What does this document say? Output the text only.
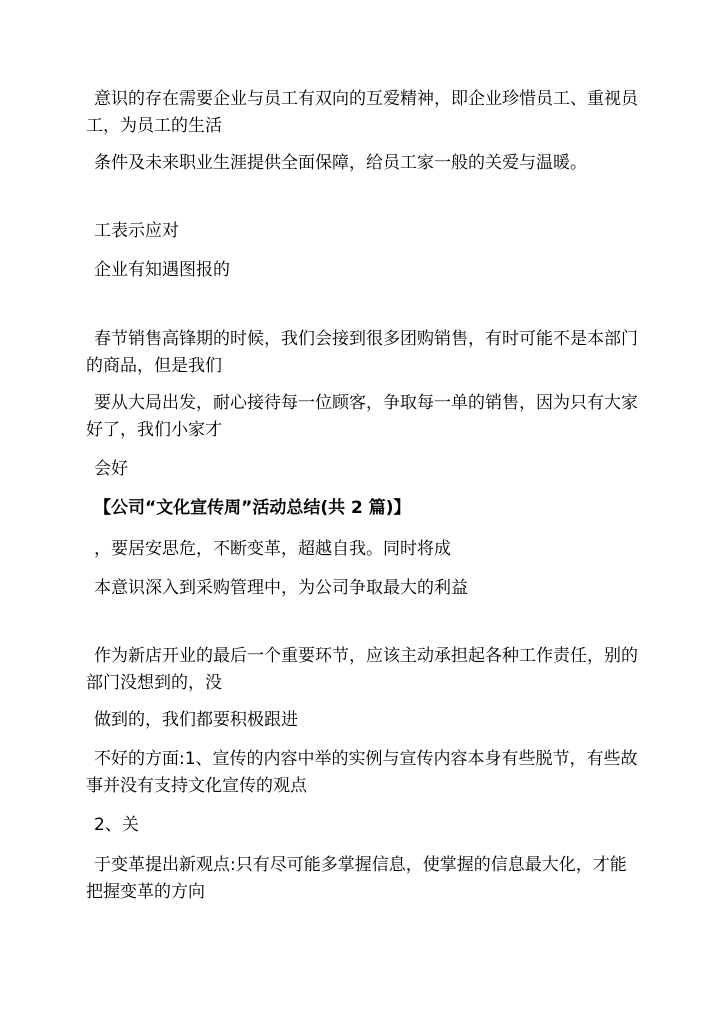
意识的存在需要企业与员工有双向的互爱精神，即企业珍惜员工、重视员工，为员工的生活

条件及未来职业生涯提供全面保障，给员工家一般的关爱与温暖。

工表示应对

企业有知遇图报的

春节销售高锋期的时候，我们会接到很多团购销售，有时可能不是本部门的商品，但是我们

要从大局出发，耐心接待每一位顾客，争取每一单的销售，因为只有大家好了，我们小家才

会好

【公司“文化宣传周”活动总结(共 2 篇)】

，要居安思危，不断变革，超越自我。同时将成

本意识深入到采购管理中，为公司争取最大的利益

作为新店开业的最后一个重要环节，应该主动承担起各种工作责任，别的部门没想到的，没

做到的，我们都要积极跟进

不好的方面:1、宣传的内容中举的实例与宣传内容本身有些脱节，有些故事并没有支持文化宣传的观点

2、关

于变革提出新观点:只有尽可能多掌握信息，使掌握的信息最大化，才能把握变革的方向
